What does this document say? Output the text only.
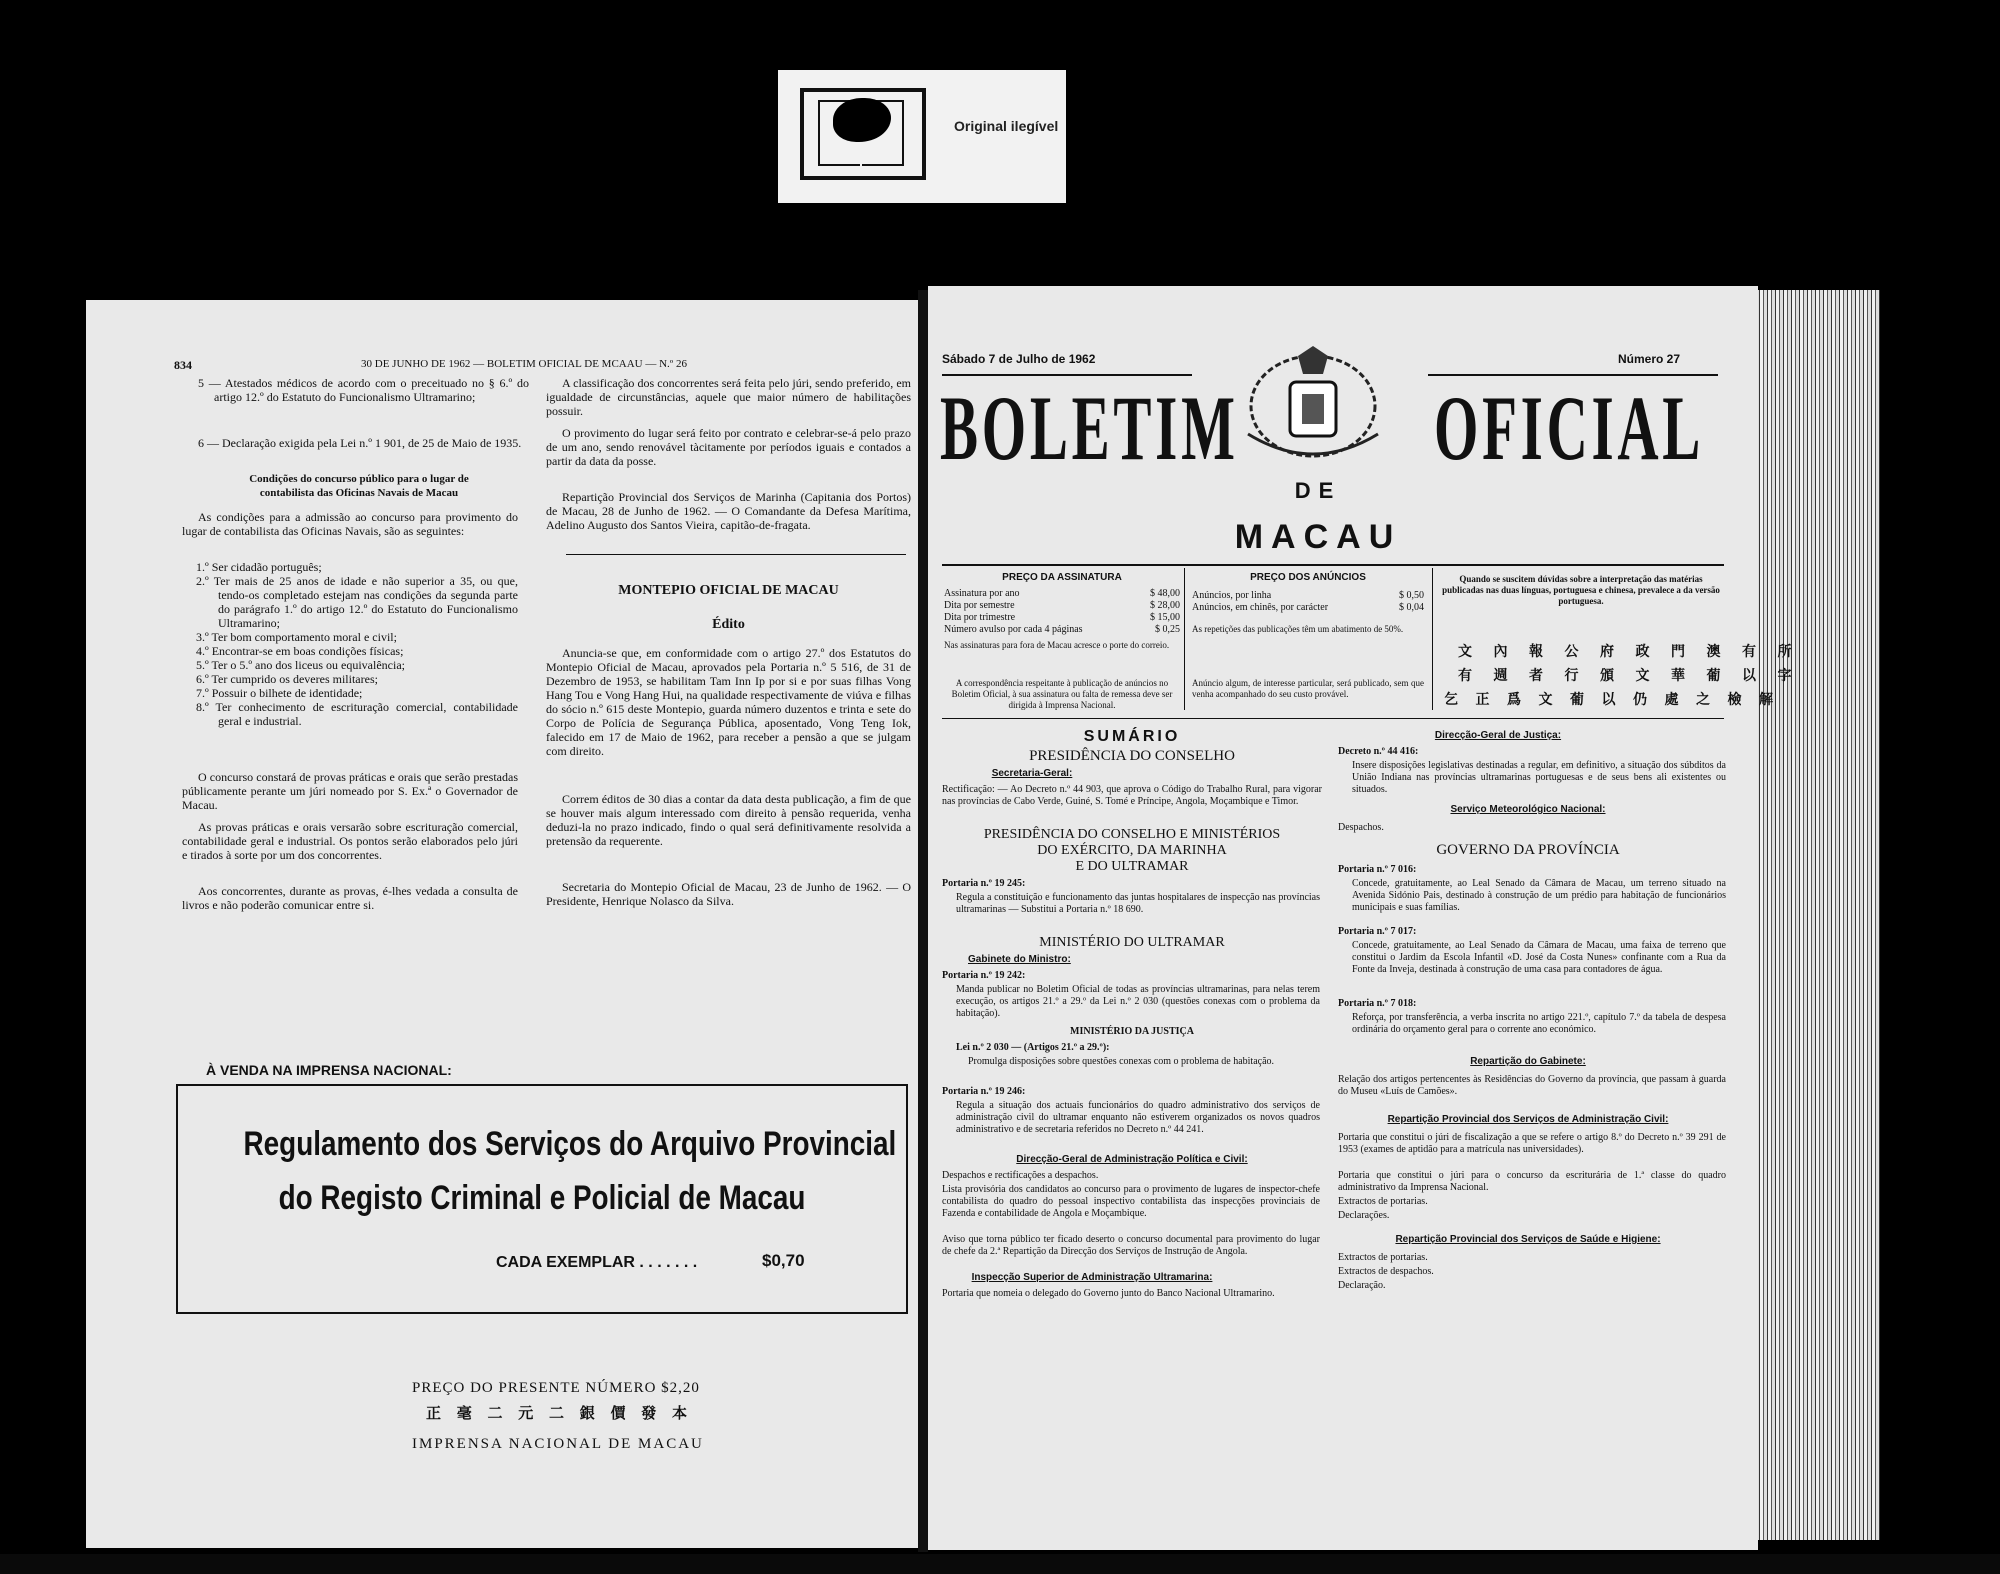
Original ilegível
834	30 DE JUNHO DE 1962 — BOLETIM OFICIAL DE MCAAU — N.º 26
5 — Atestados médicos de acordo com o preceituado no § 6.º do artigo 12.º do Estatuto do Funcionalismo Ultramarino;
6 — Declaração exigida pela Lei n.º 1 901, de 25 de Maio de 1935.
Condições do concurso público para o lugar de contabilista das Oficinas Navais de Macau
As condições para a admissão ao concurso para provimento do lugar de contabilista das Oficinas Navais, são as seguintes:
1.º Ser cidadão português;
2.º Ter mais de 25 anos de idade e não superior a 35, ou que, tendo-os completado estejam nas condições da segunda parte do parágrafo 1.º do artigo 12.º do Estatuto do Funcionalismo Ultramarino;
3.º Ter bom comportamento moral e civil;
4.º Encontrar-se em boas condições físicas;
5.º Ter o 5.º ano dos liceus ou equivalência;
6.º Ter cumprido os deveres militares;
7.º Possuir o bilhete de identidade;
8.º Ter conhecimento de escrituração comercial, contabilidade geral e industrial.
O concurso constará de provas práticas e orais que serão prestadas públicamente perante um júri nomeado por S. Ex.ª o Governador de Macau.
As provas práticas e orais versarão sobre escrituração comercial, contabilidade geral e industrial. Os pontos serão elaborados pelo júri e tirados à sorte por um dos concorrentes.
Aos concorrentes, durante as provas, é-lhes vedada a consulta de livros e não poderão comunicar entre si.
A classificação dos concorrentes será feita pelo júri, sendo preferido, em igualdade de circunstâncias, aquele que maior número de habilitações possuir.
O provimento do lugar será feito por contrato e celebrar-se-á pelo prazo de um ano, sendo renovável tàcitamente por períodos iguais e contados a partir da data da posse.
Repartição Provincial dos Serviços de Marinha (Capitania dos Portos) de Macau, 28 de Junho de 1962. — O Comandante da Defesa Marítima, Adelino Augusto dos Santos Vieira, capitão-de-fragata.
MONTEPIO OFICIAL DE MACAU
Édito
Anuncia-se que, em conformidade com o artigo 27.º dos Estatutos do Montepio Oficial de Macau, aprovados pela Portaria n.º 5 516, de 31 de Dezembro de 1953, se habilitam Tam Inn Ip por si e por suas filhas Vong Hang Tou e Vong Hang Hui, na qualidade respectivamente de viúva e filhas do sócio n.º 615 deste Montepio, guarda número duzentos e trinta e sete do Corpo de Polícia de Segurança Pública, aposentado, Vong Teng Iok, falecido em 17 de Maio de 1962, para receber a pensão a que se julgam com direito.
Correm éditos de 30 dias a contar da data desta publicação, a fim de que se houver mais algum interessado com direito à pensão requerida, venha deduzi-la no prazo indicado, findo o qual será definitivamente resolvida a pretensão da requerente.
Secretaria do Montepio Oficial de Macau, 23 de Junho de 1962. — O Presidente, Henrique Nolasco da Silva.
À VENDA NA IMPRENSA NACIONAL:
Regulamento dos Serviços do Arquivo Provincial
do Registo Criminal e Policial de Macau
CADA EXEMPLAR . . . . . . .	$0,70
PREÇO DO PRESENTE NÚMERO $2,20
正 毫 二 元 二 銀 價 發 本
IMPRENSA NACIONAL DE MACAU
Sábado 7 de Julho de 1962	Número 27
BOLETIM OFICIAL
DE
MACAU
PREÇO DA ASSINATURA
Assinatura por ano	$ 48,00
Dita por semestre	$ 28,00
Dita por trimestre	$ 15,00
Número avulso por cada 4 páginas	$ 0,25
Nas assinaturas para fora de Macau acresce o porte do correio.
A correspondência respeitante à publicação de anúncios no Boletim Oficial, à sua assinatura ou falta de remessa deve ser dirigida à Imprensa Nacional.
PREÇO DOS ANÚNCIOS
Anúncios, por linha	$ 0,50
Anúncios, em chinês, por carácter	$ 0,04
As repetições das publicações têm um abatimento de 50%.
Anúncio algum, de interesse particular, será publicado, sem que venha acompanhado do seu custo provável.
Quando se suscitem dúvidas sobre a interpretação das matérias publicadas nas duas línguas, portuguesa e chinesa, prevalece a da versão portuguesa.
文 內 報 公 府 政 門 澳 有 所
有 週 者 行 頒 文 華 葡 以 字
乞 正 爲 文 葡 以 仍 處 之 檢 解
SUMÁRIO
PRESIDÊNCIA DO CONSELHO
Secretaria-Geral:
Rectificação: — Ao Decreto n.º 44 903, que aprova o Código do Trabalho Rural, para vigorar nas províncias de Cabo Verde, Guiné, S. Tomé e Príncipe, Angola, Moçambique e Timor.
PRESIDÊNCIA DO CONSELHO E MINISTÉRIOS
DO EXÉRCITO, DA MARINHA
E DO ULTRAMAR
Portaria n.º 19 245:
Regula a constituição e funcionamento das juntas hospitalares de inspecção nas províncias ultramarinas — Substitui a Portaria n.º 18 690.
MINISTÉRIO DO ULTRAMAR
Gabinete do Ministro:
Portaria n.º 19 242:
Manda publicar no Boletim Oficial de todas as províncias ultramarinas, para nelas terem execução, os artigos 21.º a 29.º da Lei n.º 2 030 (questões conexas com o problema da habitação).
MINISTÉRIO DA JUSTIÇA
Lei n.º 2 030 — (Artigos 21.º a 29.º):
Promulga disposições sobre questões conexas com o problema de habitação.
Portaria n.º 19 246:
Regula a situação dos actuais funcionários do quadro administrativo dos serviços de administração civil do ultramar enquanto não estiverem organizados os novos quadros administrativo e de secretaria referidos no Decreto n.º 44 241.
Direcção-Geral de Administração Política e Civil:
Despachos e rectificações a despachos.
Lista provisória dos candidatos ao concurso para o provimento de lugares de inspector-chefe contabilista do quadro do pessoal inspectivo contabilista das inspecções provinciais de Fazenda e contabilidade de Angola e Moçambique.
Aviso que torna público ter ficado deserto o concurso documental para provimento do lugar de chefe da 2.ª Repartição da Direcção dos Serviços de Instrução de Angola.
Inspecção Superior de Administração Ultramarina:
Portaria que nomeia o delegado do Governo junto do Banco Nacional Ultramarino.
Direcção-Geral de Justiça:
Decreto n.º 44 416:
Insere disposições legislativas destinadas a regular, em definitivo, a situação dos súbditos da União Indiana nas províncias ultramarinas portuguesas e de seus bens ali existentes ou situados.
Serviço Meteorológico Nacional:
Despachos.
GOVERNO DA PROVÍNCIA
Portaria n.º 7 016:
Concede, gratuitamente, ao Leal Senado da Câmara de Macau, um terreno situado na Avenida Sidónio Pais, destinado à construção de um prédio para habitação de funcionários municipais e suas famílias.
Portaria n.º 7 017:
Concede, gratuitamente, ao Leal Senado da Câmara de Macau, uma faixa de terreno que constitui o Jardim da Escola Infantil «D. José da Costa Nunes» confinante com a Rua da Fonte da Inveja, destinada à construção de uma casa para contadores de água.
Portaria n.º 7 018:
Reforça, por transferência, a verba inscrita no artigo 221.º, capítulo 7.º da tabela de despesa ordinária do orçamento geral para o corrente ano económico.
Repartição do Gabinete:
Relação dos artigos pertencentes às Residências do Governo da província, que passam à guarda do Museu «Luís de Camões».
Repartição Provincial dos Serviços de Administração Civil:
Portaria que constitui o júri de fiscalização a que se refere o artigo 8.º do Decreto n.º 39 291 de 1953 (exames de aptidão para a matrícula nas universidades).
Portaria que constitui o júri para o concurso da escriturária de 1.ª classe do quadro administrativo da Imprensa Nacional.
Extractos de portarias.
Declarações.
Repartição Provincial dos Serviços de Saúde e Higiene:
Extractos de portarias.
Extractos de despachos.
Declaração.
